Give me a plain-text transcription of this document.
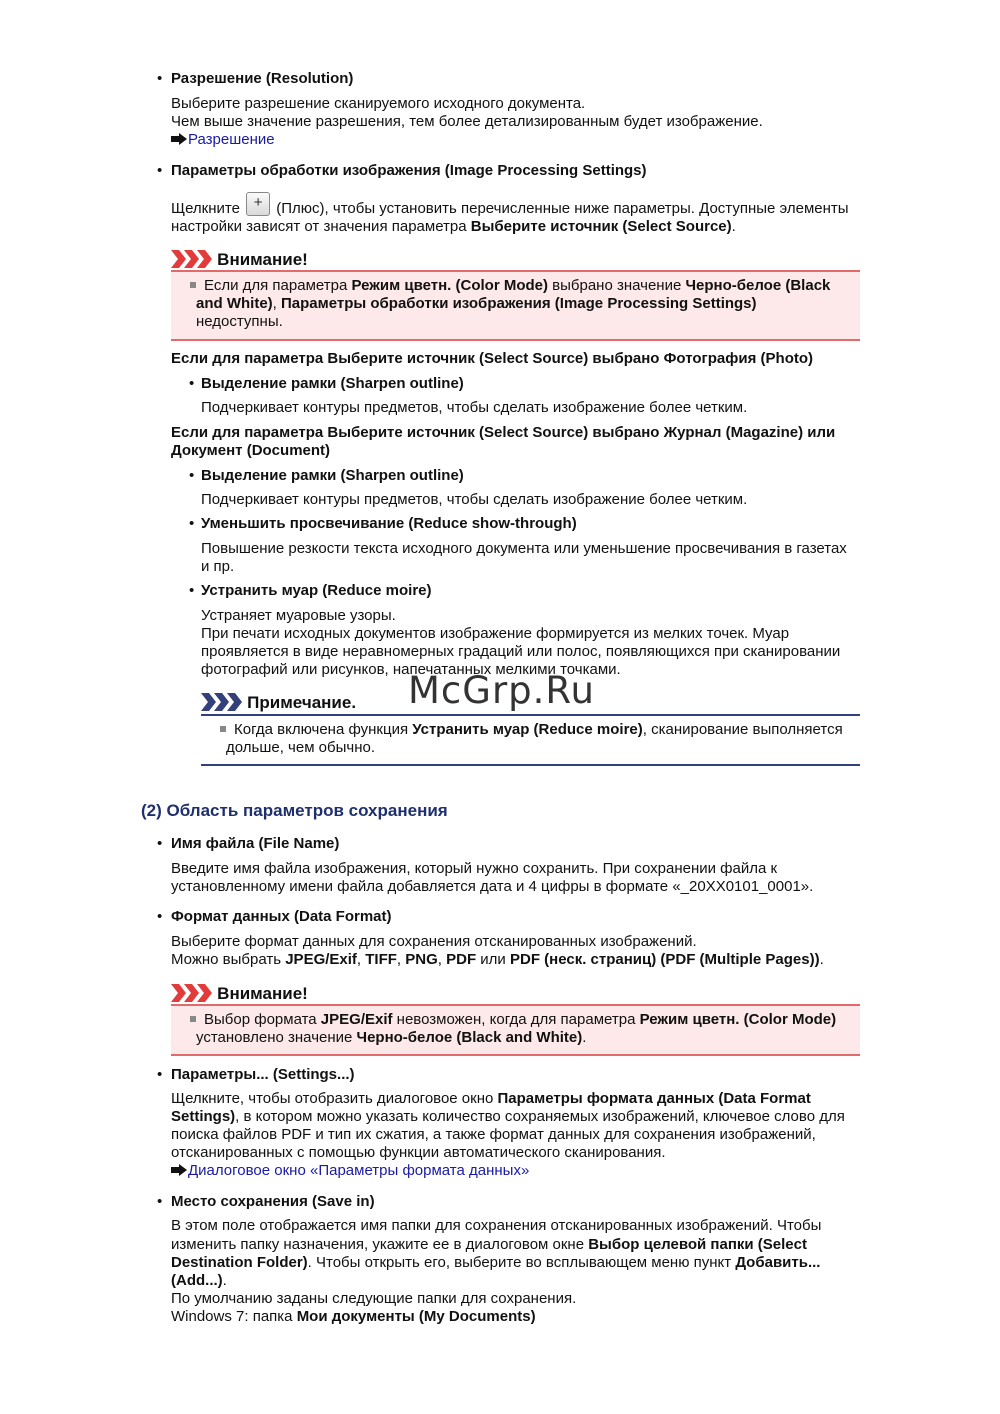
• Разрешение (Resolution)
Выберите разрешение сканируемого исходного документа.
Чем выше значение разрешения, тем более детализированным будет изображение.
Разрешение
• Параметры обработки изображения (Image Processing Settings)
Щелкните + (Плюс), чтобы установить перечисленные ниже параметры. Доступные элементы
настройки зависят от значения параметра Выберите источник (Select Source).
Внимание!
Если для параметра Режим цветн. (Color Mode) выбрано значение Черно-белое (Black
and White), Параметры обработки изображения (Image Processing Settings)
недоступны.
Если для параметра Выберите источник (Select Source) выбрано Фотография (Photo)
• Выделение рамки (Sharpen outline)
Подчеркивает контуры предметов, чтобы сделать изображение более четким.
Если для параметра Выберите источник (Select Source) выбрано Журнал (Magazine) или
Документ (Document)
• Выделение рамки (Sharpen outline)
Подчеркивает контуры предметов, чтобы сделать изображение более четким.
• Уменьшить просвечивание (Reduce show-through)
Повышение резкости текста исходного документа или уменьшение просвечивания в газетах
и пр.
• Устранить муар (Reduce moire)
Устраняет муаровые узоры.
При печати исходных документов изображение формируется из мелких точек. Муар
проявляется в виде неравномерных градаций или полос, появляющихся при сканировании
фотографий или рисунков, напечатанных мелкими точками.
Примечание.
Когда включена функция Устранить муар (Reduce moire), сканирование выполняется
дольше, чем обычно.
McGrp.Ru
(2) Область параметров сохранения
• Имя файла (File Name)
Введите имя файла изображения, который нужно сохранить. При сохранении файла к
установленному имени файла добавляется дата и 4 цифры в формате «_20XX0101_0001».
• Формат данных (Data Format)
Выберите формат данных для сохранения отсканированных изображений.
Можно выбрать JPEG/Exif, TIFF, PNG, PDF или PDF (неск. страниц) (PDF (Multiple Pages)).
Внимание!
Выбор формата JPEG/Exif невозможен, когда для параметра Режим цветн. (Color Mode)
установлено значение Черно-белое (Black and White).
• Параметры... (Settings...)
Щелкните, чтобы отобразить диалоговое окно Параметры формата данных (Data Format
Settings), в котором можно указать количество сохраняемых изображений, ключевое слово для
поиска файлов PDF и тип их сжатия, а также формат данных для сохранения изображений,
отсканированных с помощью функции автоматического сканирования.
Диалоговое окно «Параметры формата данных»
• Место сохранения (Save in)
В этом поле отображается имя папки для сохранения отсканированных изображений. Чтобы
изменить папку назначения, укажите ее в диалоговом окне Выбор целевой папки (Select
Destination Folder). Чтобы открыть его, выберите во всплывающем меню пункт Добавить...
(Add...).
По умолчанию заданы следующие папки для сохранения.
Windows 7: папка Мои документы (My Documents)
